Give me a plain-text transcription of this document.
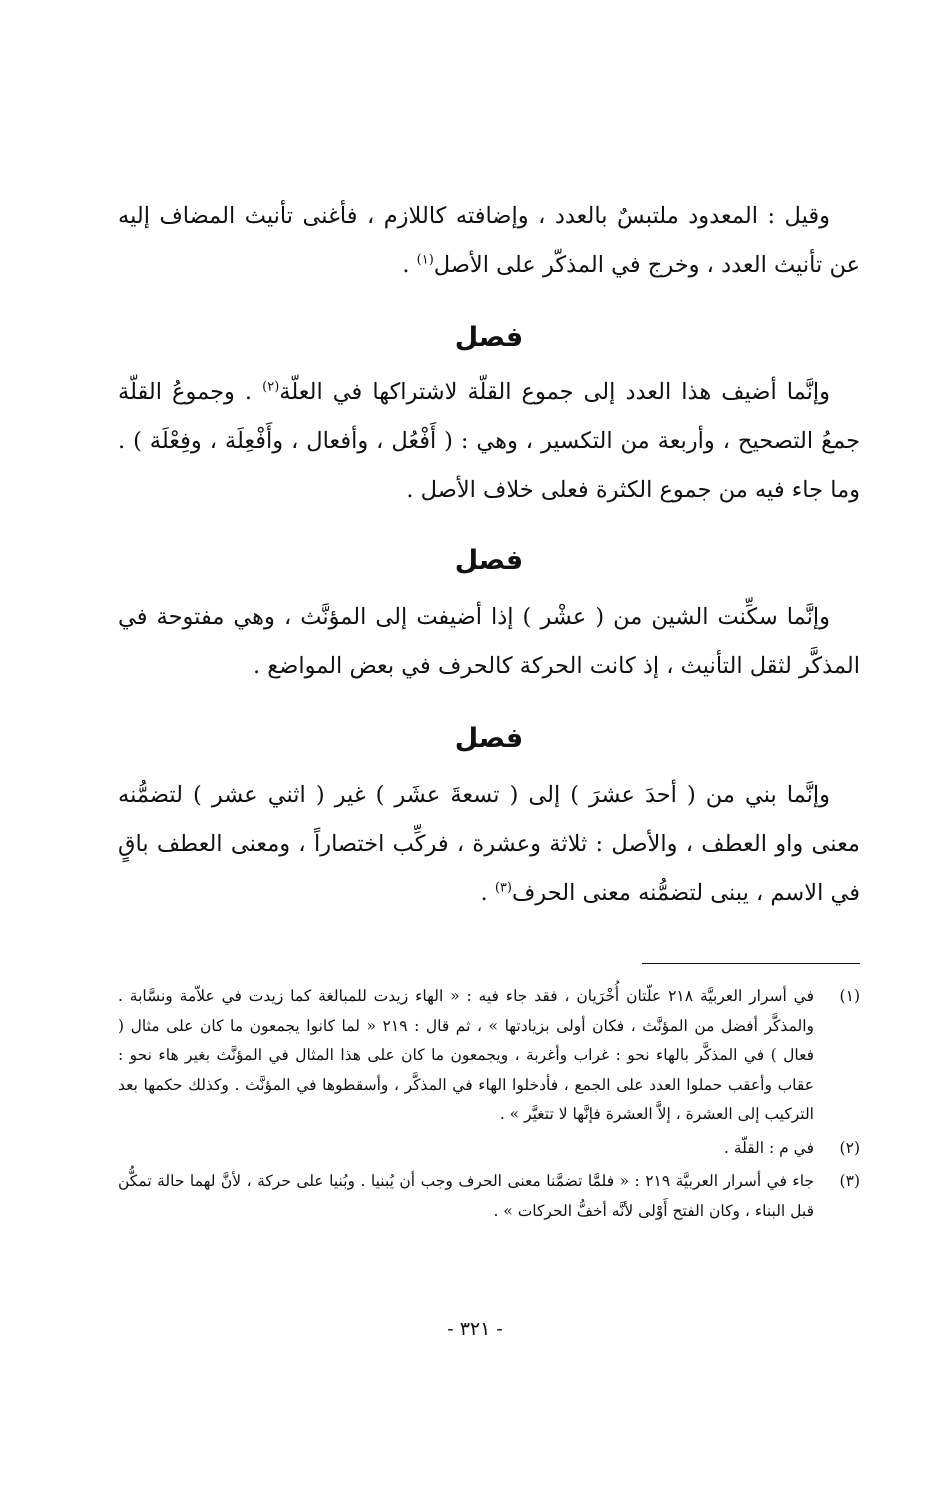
وقيل : المعدود ملتبسٌ بالعدد ، وإضافته كاللازم ، فأغنى تأنيث المضاف إليه عن تأنيث العدد ، وخرج في المذكّر على الأصل$^{(١)}$ .

فصل

وإنَّما أضيف هذا العدد إلى جموع القلّة لاشتراكها في العلّة$^{(٢)}$ . وجموعُ القلّة جمعُ التصحيح ، وأربعة من التكسير ، وهي : ( أَفْعُل ، وأفعال ، وأَفْعِلَة ، وفِعْلَة ) . وما جاء فيه من جموع الكثرة فعلى خلاف الأصل .

فصل

وإنَّما سكِّنت الشين من ( عشْر ) إذا أضيفت إلى المؤنَّث ، وهي مفتوحة في المذكَّر لثقل التأنيث ، إذ كانت الحركة كالحرف في بعض المواضع .

فصل

وإنَّما بني من ( أحدَ عشرَ ) إلى ( تسعةَ عشَر ) غير ( اثني عشر ) لتضمُّنه معنى واو العطف ، والأصل : ثلاثة وعشرة ، فركِّب اختصاراً ، ومعنى العطف باقٍ في الاسم ، يبنى لتضمُّنه معنى الحرف$^{(٣)}$ .

(١)
في أسرار العربيَّة ٢١٨ علّتان أُخْرَيان ، فقد جاء فيه : « الهاء زيدت للمبالغة كما زيدت في علاّمة ونسَّابة . والمذكَّر أفضل من المؤنَّث ، فكان أولى بزيادتها » ، ثم قال : ٢١٩ « لما كانوا يجمعون ما كان على مثال ( فعال ) في المذكَّر بالهاء نحو : غراب وأغربة ، ويجمعون ما كان على هذا المثال في المؤنَّث بغير هاء نحو : عقاب وأعقب حملوا العدد على الجمع ، فأدخلوا الهاء في المذكَّر ، وأسقطوها في المؤنَّث . وكذلك حكمها بعد التركيب إلى العشرة ، إلاَّ العشرة فإنَّها لا تتغيَّر » .
(٢)
في م : القلّة .
(٣)
جاء في أسرار العربيَّة ٢١٩ : « فلمَّا تضمَّنا معنى الحرف وجب أن يُبنيا . وبُنيا على حركة ، لأنَّ لهما حالة تمكُّن قبل البناء ، وكان الفتح أَوْلى لأنَّه أخفُّ الحركات » .
- ٣٢١ -
